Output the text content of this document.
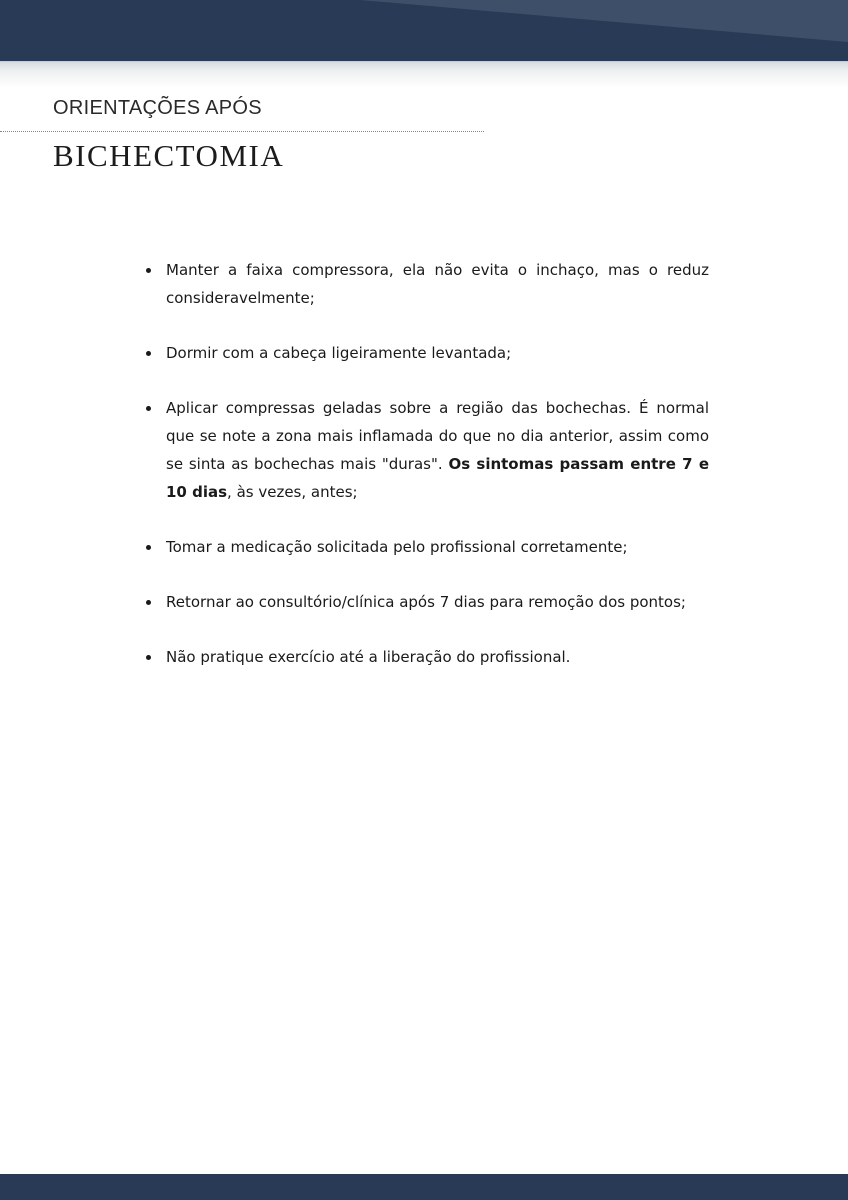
ORIENTAÇÕES APÓS
BICHECTOMIA
Manter a faixa compressora, ela não evita o inchaço, mas o reduz consideravelmente;
Dormir com a cabeça ligeiramente levantada;
Aplicar compressas geladas sobre a região das bochechas. É normal que se note a zona mais inflamada do que no dia anterior, assim como se sinta as bochechas mais "duras". Os sintomas passam entre 7 e 10 dias, às vezes, antes;
Tomar a medicação solicitada pelo profissional corretamente;
Retornar ao consultório/clínica após 7 dias para remoção dos pontos;
Não pratique exercício até a liberação do profissional.
